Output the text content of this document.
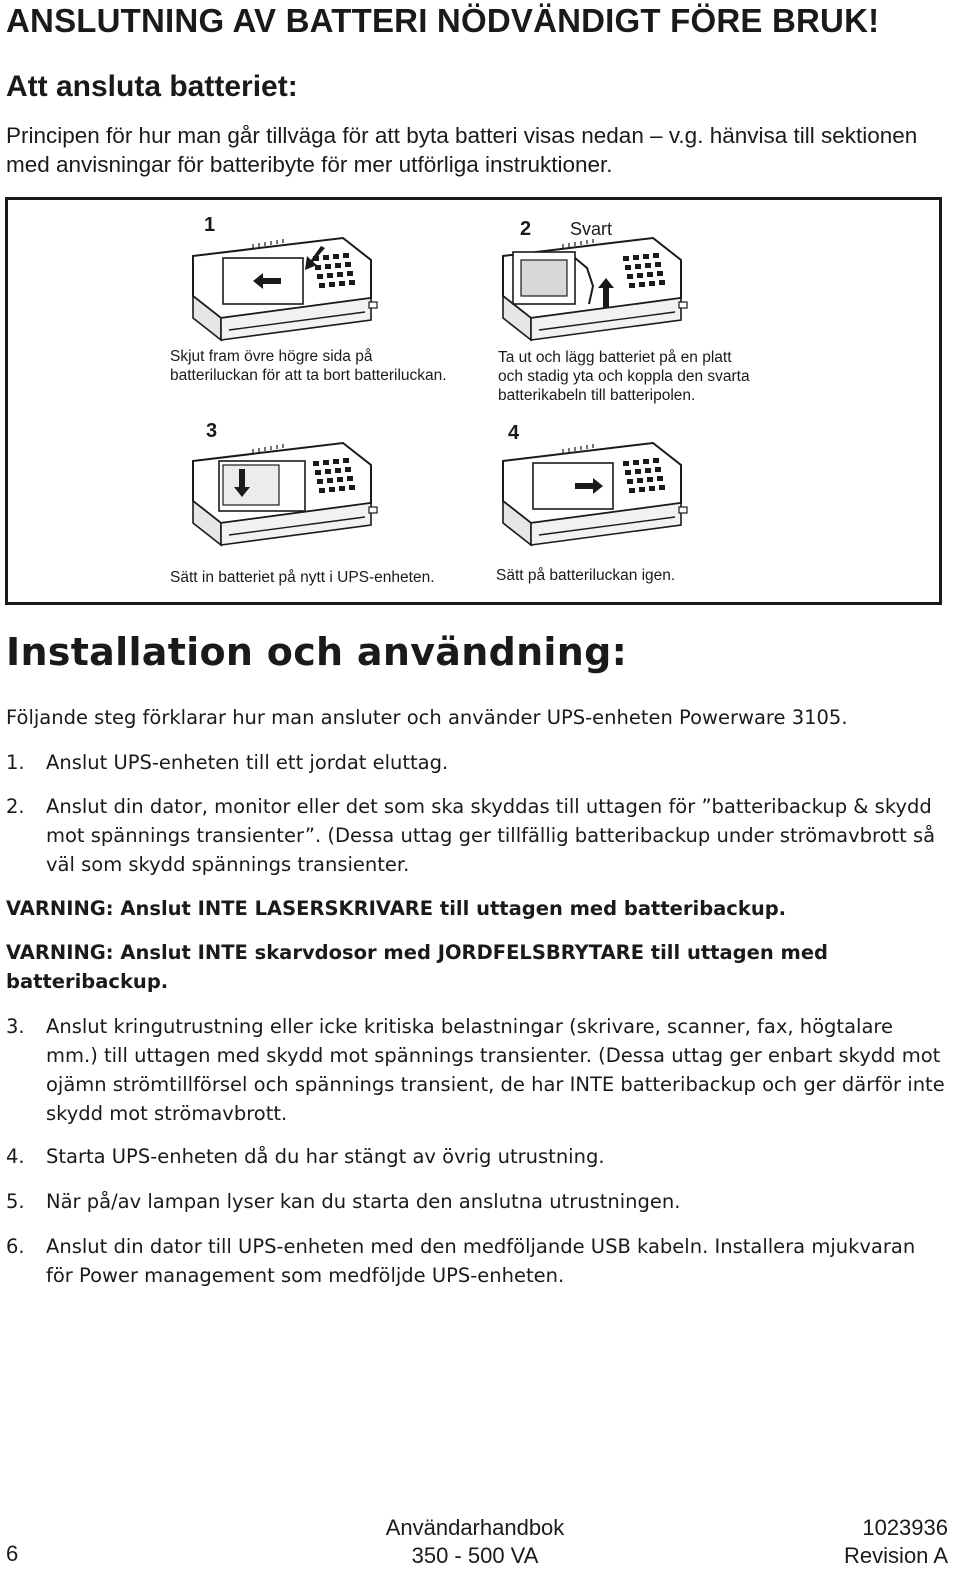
ANSLUTNING AV BATTERI NÖDVÄNDIGT FÖRE BRUK!
Att ansluta batteriet:
Principen för hur man går tillväga för att byta batteri visas nedan – v.g. hänvisa till sektionen med anvisningar för batteribyte för mer utförliga instruktioner.
1	2 Svart
3	4
Skjut fram övre högre sida på
batteriluckan för att ta bort batteriluckan.
Ta ut och lägg batteriet på en platt
och stadig yta och koppla den svarta
batterikabeln till batteripolen.
Sätt in batteriet på nytt i UPS-enheten.	Sätt på batteriluckan igen.
Installation och användning:
Följande steg förklarar hur man ansluter och använder UPS-enheten Powerware 3105.
1. Anslut UPS-enheten till ett jordat eluttag.
2. Anslut din dator, monitor eller det som ska skyddas till uttagen för ”batteribackup & skydd mot spännings transienter”. (Dessa uttag ger tillfällig batteribackup under strömavbrott så väl som skydd spännings transienter.
VARNING: Anslut INTE LASERSKRIVARE till uttagen med batteribackup.
VARNING: Anslut INTE skarvdosor med JORDFELSBRYTARE till uttagen med batteribackup.
3. Anslut kringutrustning eller icke kritiska belastningar (skrivare, scanner, fax, högtalare mm.) till uttagen med skydd mot spännings transienter. (Dessa uttag ger enbart skydd mot ojämn strömtillförsel och spännings transient, de har INTE batteribackup och ger därför inte skydd mot strömavbrott.
4. Starta UPS-enheten då du har stängt av övrig utrustning.
5. När på/av lampan lyser kan du starta den anslutna utrustningen.
6. Anslut din dator till UPS-enheten med den medföljande USB kabeln. Installera mjukvaran för Power management som medföljde UPS-enheten.
6
Användarhandbok
350 - 500 VA
1023936
Revision A
